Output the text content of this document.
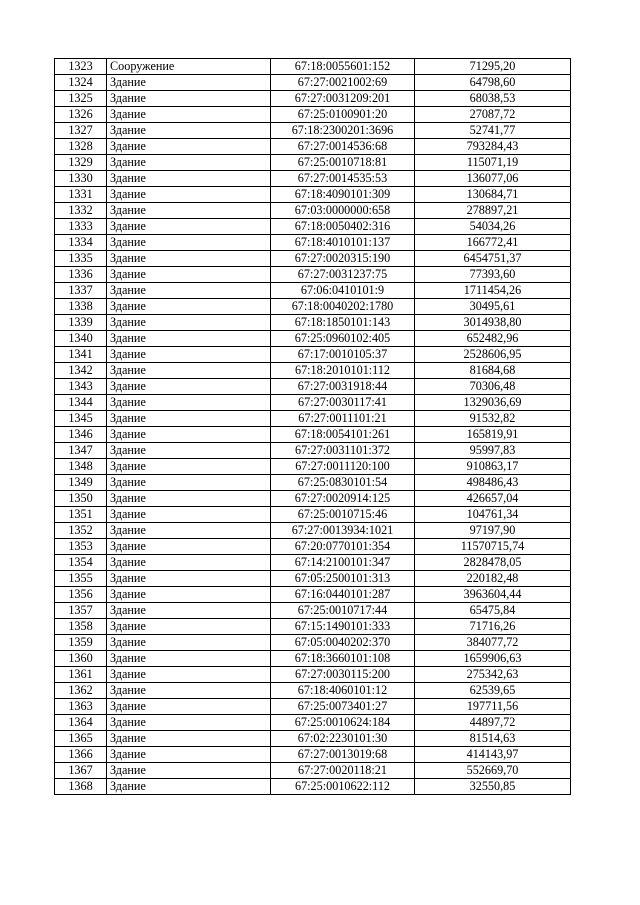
1323	Сооружение	67:18:0055601:152	71295,20
1324	Здание	67:27:0021002:69	64798,60
1325	Здание	67:27:0031209:201	68038,53
1326	Здание	67:25:0100901:20	27087,72
1327	Здание	67:18:2300201:3696	52741,77
1328	Здание	67:27:0014536:68	793284,43
1329	Здание	67:25:0010718:81	115071,19
1330	Здание	67:27:0014535:53	136077,06
1331	Здание	67:18:4090101:309	130684,71
1332	Здание	67:03:0000000:658	278897,21
1333	Здание	67:18:0050402:316	54034,26
1334	Здание	67:18:4010101:137	166772,41
1335	Здание	67:27:0020315:190	6454751,37
1336	Здание	67:27:0031237:75	77393,60
1337	Здание	67:06:0410101:9	1711454,26
1338	Здание	67:18:0040202:1780	30495,61
1339	Здание	67:18:1850101:143	3014938,80
1340	Здание	67:25:0960102:405	652482,96
1341	Здание	67:17:0010105:37	2528606,95
1342	Здание	67:18:2010101:112	81684,68
1343	Здание	67:27:0031918:44	70306,48
1344	Здание	67:27:0030117:41	1329036,69
1345	Здание	67:27:0011101:21	91532,82
1346	Здание	67:18:0054101:261	165819,91
1347	Здание	67:27:0031101:372	95997,83
1348	Здание	67:27:0011120:100	910863,17
1349	Здание	67:25:0830101:54	498486,43
1350	Здание	67:27:0020914:125	426657,04
1351	Здание	67:25:0010715:46	104761,34
1352	Здание	67:27:0013934:1021	97197,90
1353	Здание	67:20:0770101:354	11570715,74
1354	Здание	67:14:2100101:347	2828478,05
1355	Здание	67:05:2500101:313	220182,48
1356	Здание	67:16:0440101:287	3963604,44
1357	Здание	67:25:0010717:44	65475,84
1358	Здание	67:15:1490101:333	71716,26
1359	Здание	67:05:0040202:370	384077,72
1360	Здание	67:18:3660101:108	1659906,63
1361	Здание	67:27:0030115:200	275342,63
1362	Здание	67:18:4060101:12	62539,65
1363	Здание	67:25:0073401:27	197711,56
1364	Здание	67:25:0010624:184	44897,72
1365	Здание	67:02:2230101:30	81514,63
1366	Здание	67:27:0013019:68	414143,97
1367	Здание	67:27:0020118:21	552669,70
1368	Здание	67:25:0010622:112	32550,85
